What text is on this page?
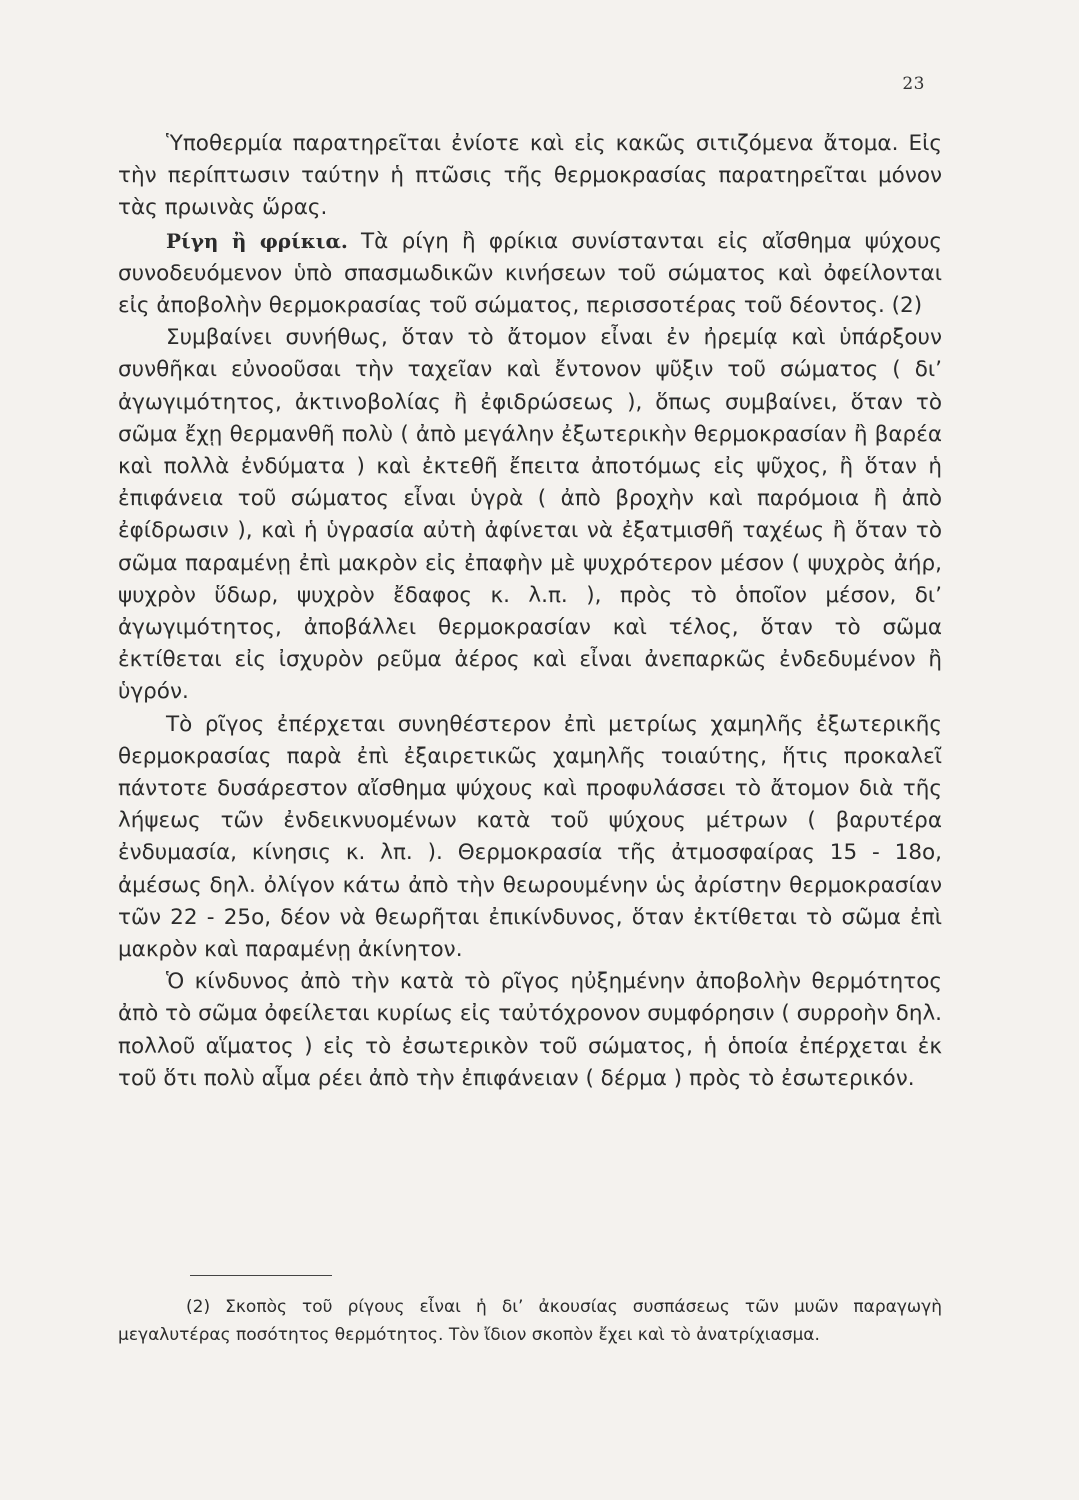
23

Ὑποθερμία παρατηρεῖται ἐνίοτε καὶ εἰς κακῶς σιτιζόμενα ἄτομα. Εἰς τὴν περίπτωσιν ταύτην ἡ πτῶσις τῆς θερμοκρασίας παρατηρεῖται μόνον τὰς πρωινὰς ὥρας.

Ρίγη ἢ φρίκια. Τὰ ρίγη ἢ φρίκια συνίστανται εἰς αἴσθημα ψύχους συνοδευόμενον ὑπὸ σπασμωδικῶν κινήσεων τοῦ σώματος καὶ ὀφείλονται εἰς ἀποβολὴν θερμοκρασίας τοῦ σώματος, περισσοτέρας τοῦ δέοντος. (2)

Συμβαίνει συνήθως, ὅταν τὸ ἄτομον εἶναι ἐν ἠρεμίᾳ καὶ ὑπάρξουν συνθῆκαι εὐνοοῦσαι τὴν ταχεῖαν καὶ ἔντονον ψῦξιν τοῦ σώματος ( δι’ ἀγωγιμότητος, ἀκτινοβολίας ἢ ἐφιδρώσεως ), ὅπως συμβαίνει, ὅταν τὸ σῶμα ἔχῃ θερμανθῆ πολὺ ( ἀπὸ μεγάλην ἐξωτερικὴν θερμοκρασίαν ἢ βαρέα καὶ πολλὰ ἐνδύματα ) καὶ ἐκτεθῆ ἔπειτα ἀποτόμως εἰς ψῦχος, ἢ ὅταν ἡ ἐπιφάνεια τοῦ σώματος εἶναι ὑγρὰ ( ἀπὸ βροχὴν καὶ παρόμοια ἢ ἀπὸ ἐφίδρωσιν ), καὶ ἡ ὑγρασία αὐτὴ ἀφίνεται νὰ ἐξατμισθῆ ταχέως ἢ ὅταν τὸ σῶμα παραμένῃ ἐπὶ μακρὸν εἰς ἐπαφὴν μὲ ψυχρότερον μέσον ( ψυχρὸς ἀήρ, ψυχρὸν ὕδωρ, ψυχρὸν ἔδαφος κ. λ.π. ), πρὸς τὸ ὁποῖον μέσον, δι’ ἀγωγιμότητος, ἀποβάλλει θερμοκρασίαν καὶ τέλος, ὅταν τὸ σῶμα ἐκτίθεται εἰς ἰσχυρὸν ρεῦμα ἀέρος καὶ εἶναι ἀνεπαρκῶς ἐνδεδυμένον ἢ ὑγρόν.

Τὸ ρῖγος ἐπέρχεται συνηθέστερον ἐπὶ μετρίως χαμηλῆς ἐξωτερικῆς θερμοκρασίας παρὰ ἐπὶ ἐξαιρετικῶς χαμηλῆς τοιαύτης, ἥτις προκαλεῖ πάντοτε δυσάρεστον αἴσθημα ψύχους καὶ προφυλάσσει τὸ ἄτομον διὰ τῆς λήψεως τῶν ἐνδεικνυομένων κατὰ τοῦ ψύχους μέτρων ( βαρυτέρα ἐνδυμασία, κίνησις κ. λπ. ). Θερμοκρασία τῆς ἀτμοσφαίρας 15 - 18ο, ἀμέσως δηλ. ὀλίγον κάτω ἀπὸ τὴν θεωρουμένην ὡς ἀρίστην θερμοκρασίαν τῶν 22 - 25ο, δέον νὰ θεωρῆται ἐπικίνδυνος, ὅταν ἐκτίθεται τὸ σῶμα ἐπὶ μακρὸν καὶ παραμένῃ ἀκίνητον.

Ὁ κίνδυνος ἀπὸ τὴν κατὰ τὸ ρῖγος ηὐξημένην ἀποβολὴν θερμότητος ἀπὸ τὸ σῶμα ὀφείλεται κυρίως εἰς ταὐτόχρονον συμφόρησιν ( συρροὴν δηλ. πολλοῦ αἵματος ) εἰς τὸ ἐσωτερικὸν τοῦ σώματος, ἡ ὁποία ἐπέρχεται ἐκ τοῦ ὅτι πολὺ αἷμα ρέει ἀπὸ τὴν ἐπιφάνειαν ( δέρμα ) πρὸς τὸ ἐσωτερικόν.

(2) Σκοπὸς τοῦ ρίγους εἶναι ἡ δι’ ἀκουσίας συσπάσεως τῶν μυῶν παραγωγὴ μεγαλυτέρας ποσότητος θερμότητος. Τὸν ἴδιον σκοπὸν ἔχει καὶ τὸ ἀνατρίχιασμα.
